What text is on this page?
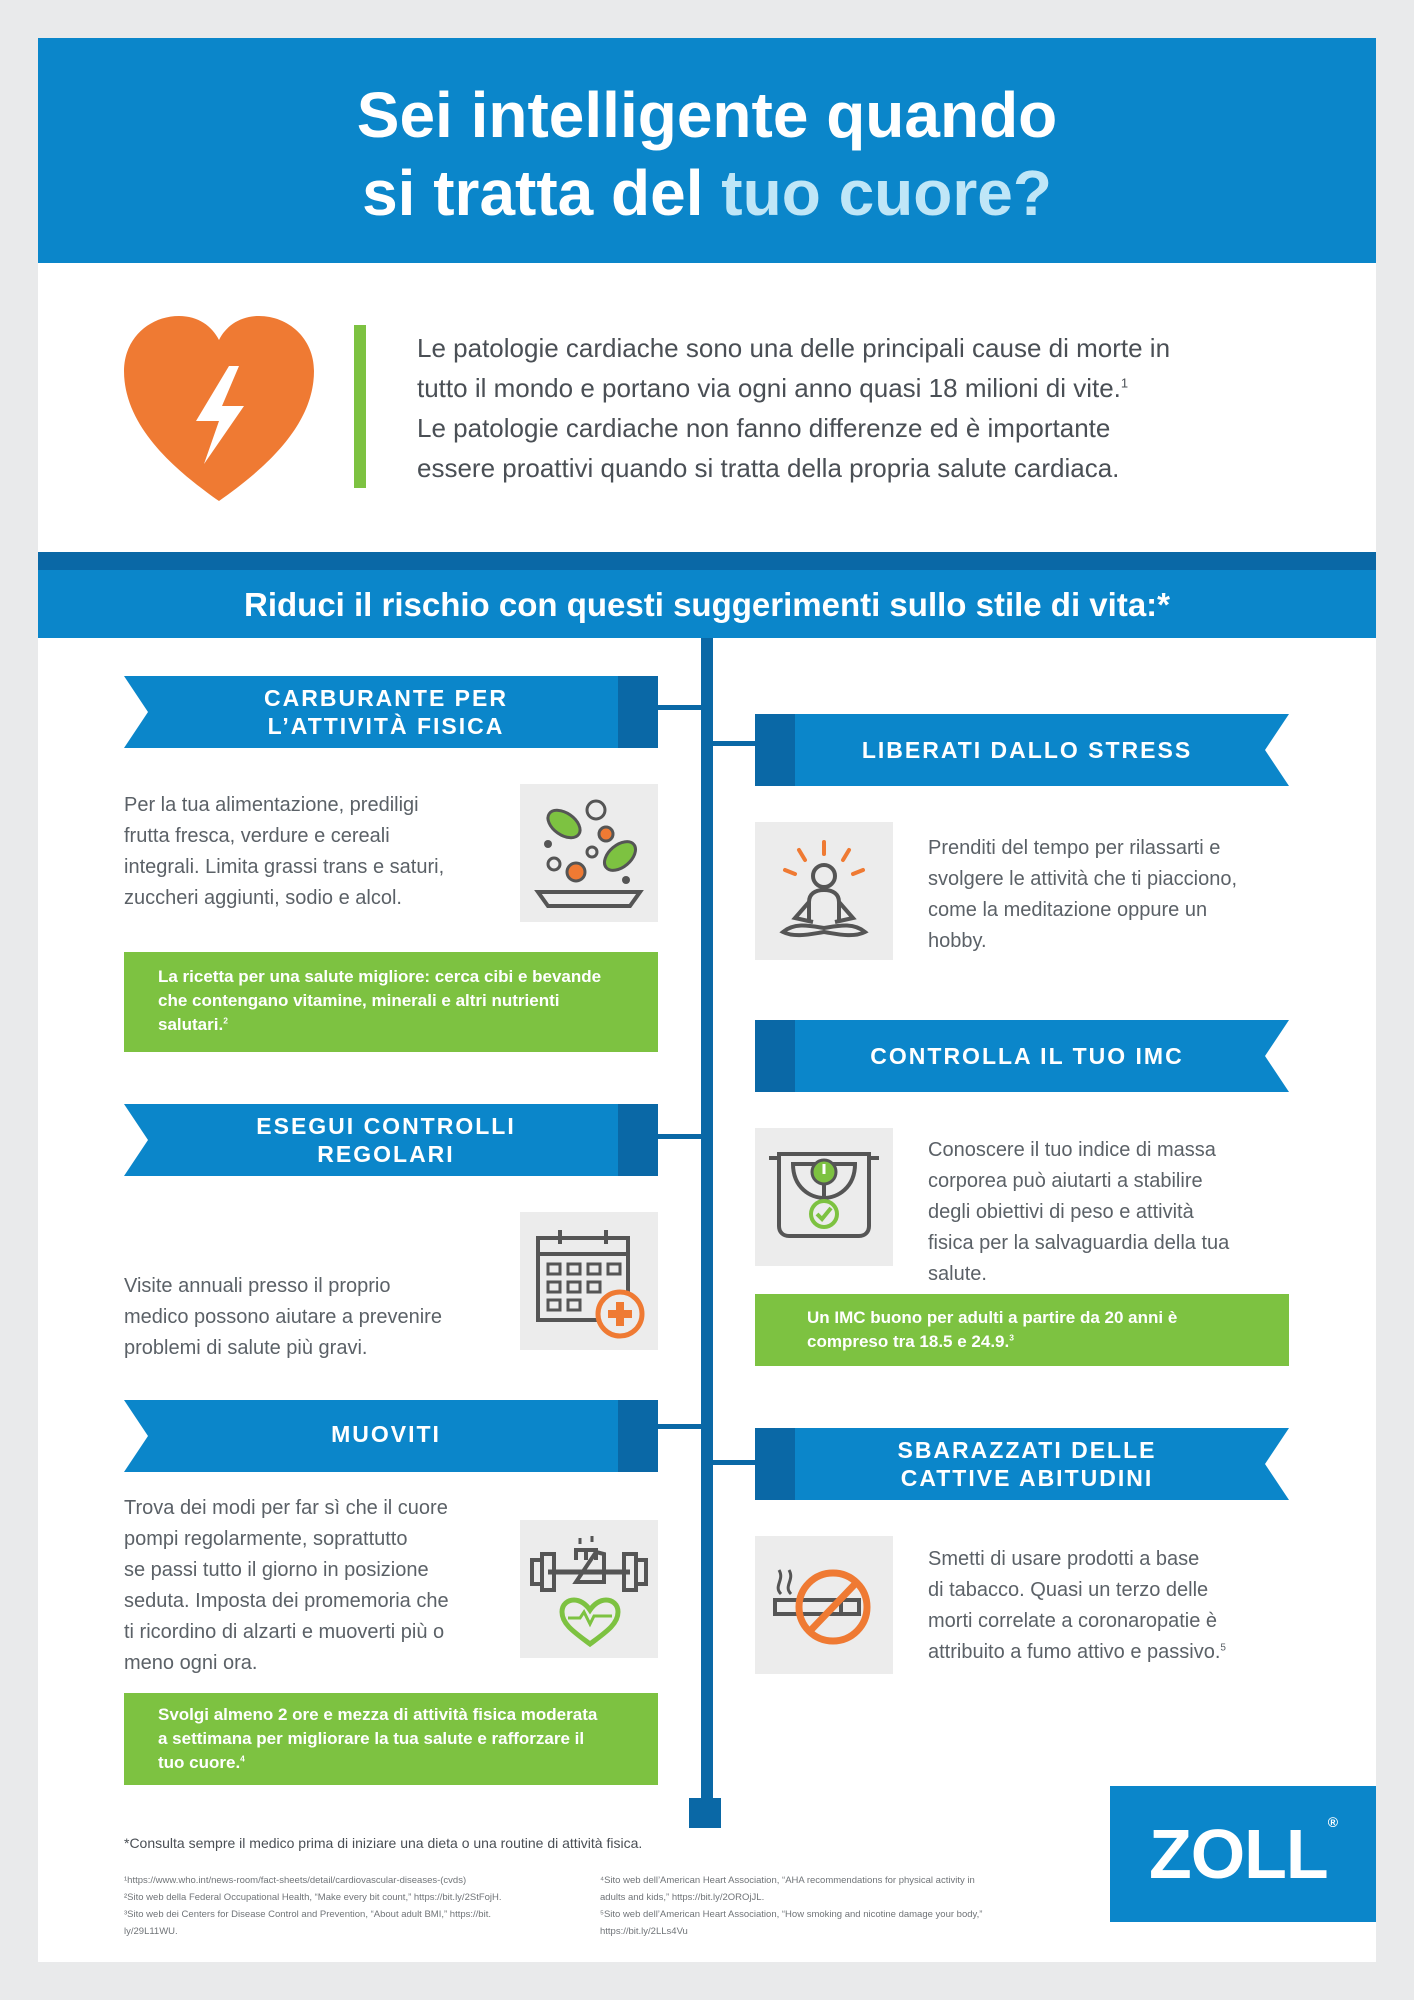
Sei intelligente quando
si tratta del tuo cuore?
Le patologie cardiache sono una delle principali cause di morte in
tutto il mondo e portano via ogni anno quasi 18 milioni di vite.$^1$
Le patologie cardiache non fanno differenze ed è importante
essere proattivi quando si tratta della propria salute cardiaca.
Riduci il rischio con questi suggerimenti sullo stile di vita:*
CARBURANTE PER
L’ATTIVITÀ FISICA
Per la tua alimentazione, prediligi
frutta fresca, verdure e cereali
integrali. Limita grassi trans e saturi,
zuccheri aggiunti, sodio e alcol.
La ricetta per una salute migliore: cerca cibi e bevande
che contengano vitamine, minerali e altri nutrienti
salutari.$^2$
ESEGUI CONTROLLI
REGOLARI
Visite annuali presso il proprio
medico possono aiutare a prevenire
problemi di salute più gravi.
MUOVITI
Trova dei modi per far sì che il cuore
pompi regolarmente, soprattutto
se passi tutto il giorno in posizione
seduta. Imposta dei promemoria che
ti ricordino di alzarti e muoverti più o
meno ogni ora.
Svolgi almeno 2 ore e mezza di attività fisica moderata
a settimana per migliorare la tua salute e rafforzare il
tuo cuore.$^4$
LIBERATI DALLO STRESS
Prenditi del tempo per rilassarti e
svolgere le attività che ti piacciono,
come la meditazione oppure un
hobby.
CONTROLLA IL TUO IMC
Conoscere il tuo indice di massa
corporea può aiutarti a stabilire
degli obiettivi di peso e attività
fisica per la salvaguardia della tua
salute.
Un IMC buono per adulti a partire da 20 anni è
compreso tra 18.5 e 24.9.$^3$
SBARAZZATI DELLE
CATTIVE ABITUDINI
Smetti di usare prodotti a base
di tabacco. Quasi un terzo delle
morti correlate a coronaropatie è
attribuito a fumo attivo e passivo.$^5$
*Consulta sempre il medico prima di iniziare una dieta o una routine di attività fisica.
¹https://www.who.int/news-room/fact-sheets/detail/cardiovascular-diseases-(cvds)
²Sito web della Federal Occupational Health, “Make every bit count,” https://bit.ly/2StFojH.
³Sito web dei Centers for Disease Control and Prevention, “About adult BMI,” https://bit.
ly/29L11WU.
⁴Sito web dell’American Heart Association, “AHA recommendations for physical activity in
adults and kids,” https://bit.ly/2OROjJL.
⁵Sito web dell’American Heart Association, “How smoking and nicotine damage your body,”
https://bit.ly/2LLs4Vu
ZOLL®
